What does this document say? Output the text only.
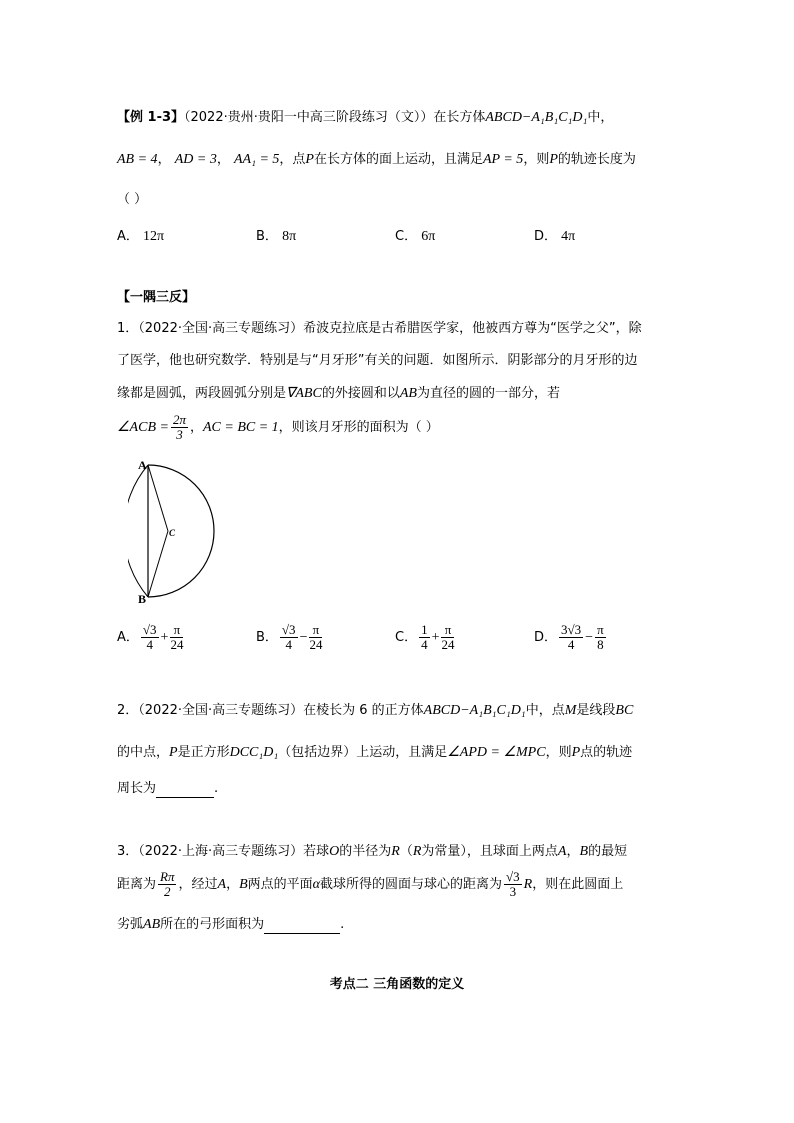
【例 1-3】（2022·贵州·贵阳一中高三阶段练习（文））在长方体ABCD−A₁B₁C₁D₁中，
AB = 4， AD = 3， AA₁ = 5，点P在长方体的面上运动，且满足AP = 5，则P的轨迹长度为
（ ）
A． 12π	B． 8π	C． 6π	D． 4π
【一隅三反】
1．（2022·全国·高三专题练习）希波克拉底是古希腊医学家，他被西方尊为“医学之父”，除
了医学，他也研究数学．特别是与“月牙形”有关的问题．如图所示．阴影部分的月牙形的边
缘都是圆弧，两段圆弧分别是∇ABC的外接圆和以AB为直径的圆的一部分，若
∠ACB = $\frac{2\pi}{3}$ ，AC = BC = 1，则该月牙形的面积为（ ）
A
B
C
A． $\frac{√3}{4} + \frac{\pi}{24}$	B． $\frac{√3}{4} - \frac{\pi}{24}$	C． $\frac{1}{4} + \frac{\pi}{24}$	D． $\frac{3√3}{4} - \frac{\pi}{8}$
2．（2022·全国·高三专题练习）在棱长为 6 的正方体ABCD−A₁B₁C₁D₁中，点M是线段BC
的中点，P是正方形DCC₁D₁（包括边界）上运动，且满足∠APD = ∠MPC，则P点的轨迹
周长为	.
3．（2022·上海·高三专题练习）若球O的半径为R（R为常量），且球面上两点A，B的最短
距离为 $\frac{R\pi}{2}$ ，经过A，B两点的平面α截球所得的圆面与球心的距离为 $\frac{√3}{3}$ R，则在此圆面上
劣弧AB所在的弓形面积为	.
考点二 三角函数的定义
